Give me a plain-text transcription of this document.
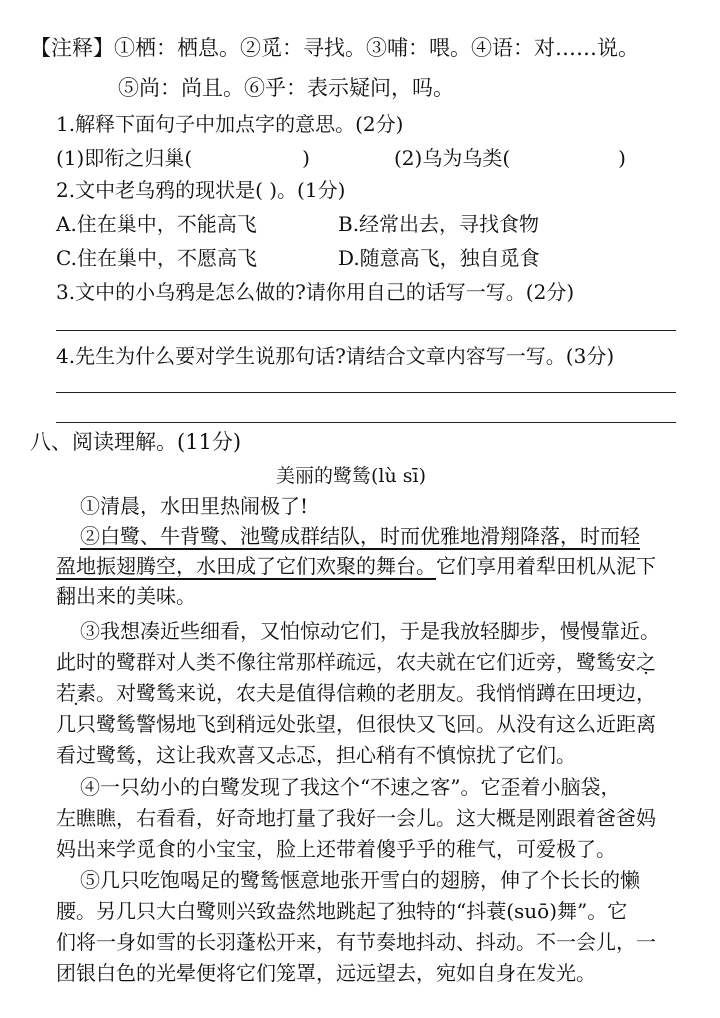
【注释】①栖：栖息。②觅：寻找。③哺：喂。④语：对……说。
⑤尚：尚且。⑥乎：表示疑问，吗。
1.解释下面句子中加点字的意思。(2分)
(1)即衔之归巢(	)	(2)乌为乌类(	)
2.文中老乌鸦的现状是( )。(1分)
A.住在巢中，不能高飞	B.经常出去，寻找食物
C.住在巢中，不愿高飞	D.随意高飞，独自觅食
3.文中的小乌鸦是怎么做的?请你用自己的话写一写。(2分)
4.先生为什么要对学生说那句话?请结合文章内容写一写。(3分)
八、阅读理解。(11分)
美丽的鹭鸶(lù sī)
①清晨，水田里热闹极了!
②白鹭、牛背鹭、池鹭成群结队，时而优雅地滑翔降落，时而轻
盈地振翅腾空，水田成了它们欢聚的舞台。它们享用着犁田机从泥下
翻出来的美味。
③我想凑近些细看，又怕惊动它们，于是我放轻脚步，慢慢靠近。
此时的鹭群对人类不像往常那样疏远，农夫就在它们近旁，鹭鸶安之
若素。对鹭鸶来说，农夫是值得信赖的老朋友。我悄悄蹲在田埂边，
几只鹭鸶警惕地飞到稍远处张望，但很快又飞回。从没有这么近距离
看过鹭鸶，这让我欢喜又忐忑，担心稍有不慎惊扰了它们。
④一只幼小的白鹭发现了我这个“不速之客”。它歪着小脑袋，
左瞧瞧，右看看，好奇地打量了我好一会儿。这大概是刚跟着爸爸妈
妈出来学觅食的小宝宝，脸上还带着傻乎乎的稚气，可爱极了。
⑤几只吃饱喝足的鹭鸶惬意地张开雪白的翅膀，伸了个长长的懒
腰。另几只大白鹭则兴致盎然地跳起了独特的“抖蓑(suō)舞”。它
们将一身如雪的长羽蓬松开来，有节奏地抖动、抖动。不一会儿，一
团银白色的光晕便将它们笼罩，远远望去，宛如自身在发光。
